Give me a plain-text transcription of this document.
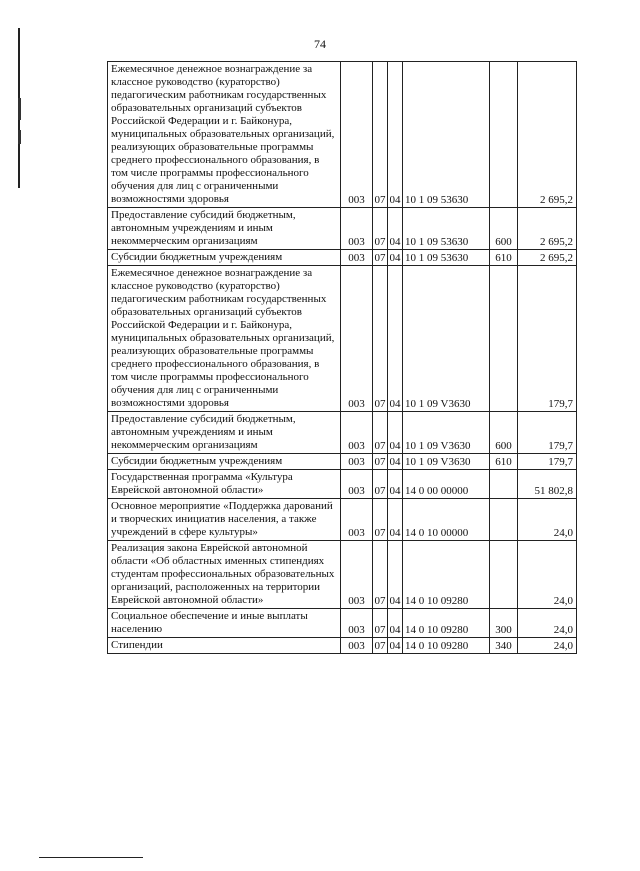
74
Ежемесячное денежное вознаграждение за классное руководство (кураторство) педагогическим работникам государственных образовательных организаций субъектов Российской Федерации и г. Байконура, муниципальных образовательных организаций, реализующих образовательные программы среднего профессионального образования, в том числе программы профессионального обучения для лиц с ограниченными возможностями здоровья	003	07	04	10 1 09 53630		2 695,2
Предоставление субсидий бюджетным, автономным учреждениям и иным некоммерческим организациям	003	07	04	10 1 09 53630	600	2 695,2
Субсидии бюджетным учреждениям	003	07	04	10 1 09 53630	610	2 695,2
Ежемесячное денежное вознаграждение за классное руководство (кураторство) педагогическим работникам государственных образовательных организаций субъектов Российской Федерации и г. Байконура, муниципальных образовательных организаций, реализующих образовательные программы среднего профессионального образования, в том числе программы профессионального обучения для лиц с ограниченными возможностями здоровья	003	07	04	10 1 09 V3630		179,7
Предоставление субсидий бюджетным, автономным учреждениям и иным некоммерческим организациям	003	07	04	10 1 09 V3630	600	179,7
Субсидии бюджетным учреждениям	003	07	04	10 1 09 V3630	610	179,7
Государственная программа «Культура Еврейской автономной области»	003	07	04	14 0 00 00000		51 802,8
Основное мероприятие «Поддержка дарований и творческих инициатив населения, а также учреждений в сфере культуры»	003	07	04	14 0 10 00000		24,0
Реализация закона Еврейской автономной области «Об областных именных стипендиях студентам профессиональных образовательных организаций, расположенных на территории Еврейской автономной области»	003	07	04	14 0 10 09280		24,0
Социальное обеспечение и иные выплаты населению	003	07	04	14 0 10 09280	300	24,0
Стипендии	003	07	04	14 0 10 09280	340	24,0
